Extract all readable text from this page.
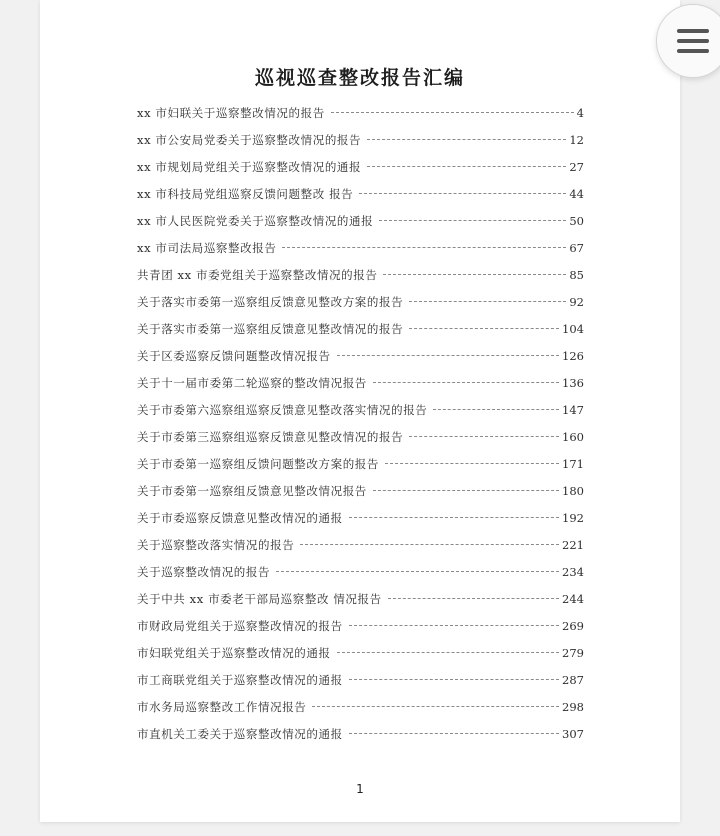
巡视巡查整改报告汇编
xx 市妇联关于巡察整改情况的报告	4
xx 市公安局党委关于巡察整改情况的报告	12
xx 市规划局党组关于巡察整改情况的通报	27
xx 市科技局党组巡察反馈问题整改 报告	44
xx 市人民医院党委关于巡察整改情况的通报	50
xx 市司法局巡察整改报告	67
共青团 xx 市委党组关于巡察整改情况的报告	85
关于落实市委第一巡察组反馈意见整改方案的报告	92
关于落实市委第一巡察组反馈意见整改情况的报告	104
关于区委巡察反馈问题整改情况报告	126
关于十一届市委第二轮巡察的整改情况报告	136
关于市委第六巡察组巡察反馈意见整改落实情况的报告	147
关于市委第三巡察组巡察反馈意见整改情况的报告	160
关于市委第一巡察组反馈问题整改方案的报告	171
关于市委第一巡察组反馈意见整改情况报告	180
关于市委巡察反馈意见整改情况的通报	192
关于巡察整改落实情况的报告	221
关于巡察整改情况的报告	234
关于中共 xx 市委老干部局巡察整改 情况报告	244
市财政局党组关于巡察整改情况的报告	269
市妇联党组关于巡察整改情况的通报	279
市工商联党组关于巡察整改情况的通报	287
市水务局巡察整改工作情况报告	298
市直机关工委关于巡察整改情况的通报	307
1
